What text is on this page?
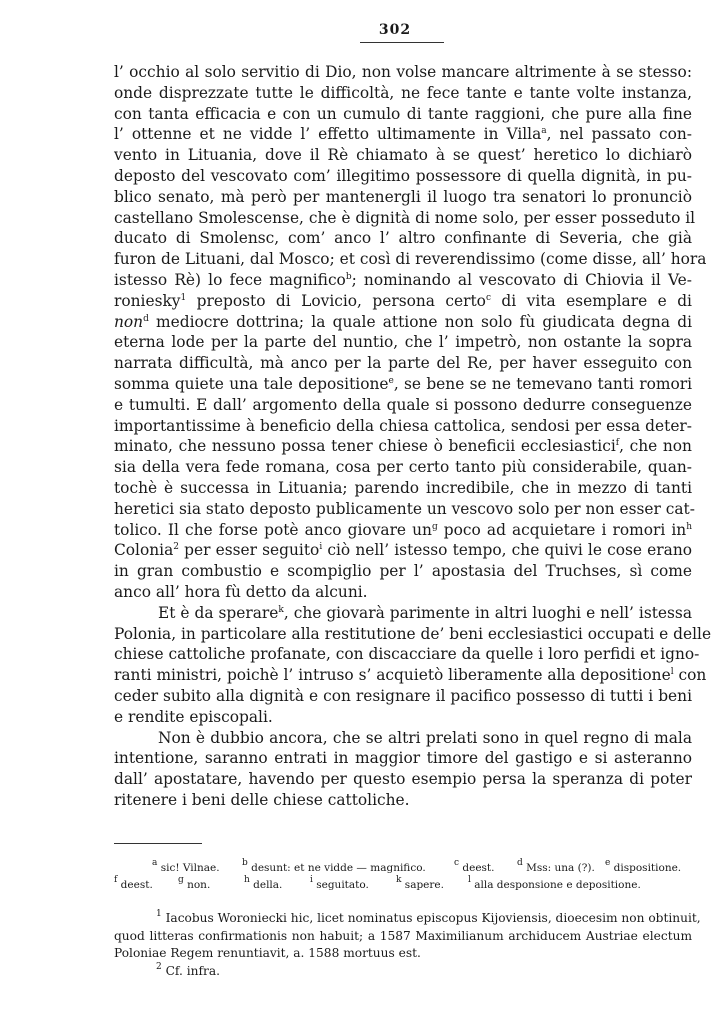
302
l’ occhio al solo servitio di Dio, non volse mancare altrimente à se stesso:
onde disprezzate tutte le difficoltà, ne fece tante e tante volte instanza,
con tanta efficacia e con un cumulo di tante raggioni, che pure alla fine
l’ ottenne et ne vidde l’ effetto ultimamente in Villa$^a$, nel passato con-
vento in Lituania, dove il Rè chiamato à se quest’ heretico lo dichiarò
deposto del vescovato com’ illegitimo possessore di quella dignità, in pu-
blico senato, mà però per mantenergli il luogo tra senatori lo pronunciò
castellano Smolescense, che è dignità di nome solo, per esser posseduto il
ducato di Smolensc, com’ anco l’ altro confinante di Severia, che già
furon de Lituani, dal Mosco; et così di reverendissimo (come disse, all’ hora
istesso Rè) lo fece magnifico$^b$; nominando al vescovato di Chiovia il Ve-
roniesky$^1$ preposto di Lovicio, persona certo$^c$ di vita esemplare e di
non$^d$ mediocre dottrina; la quale attione non solo fù giudicata degna di
eterna lode per la parte del nuntio, che l’ impetrò, non ostante la sopra
narrata difficultà, mà anco per la parte del Re, per haver esseguito con
somma quiete una tale depositione$^e$, se bene se ne temevano tanti romori
e tumulti. E dall’ argomento della quale si possono dedurre conseguenze
importantissime à beneficio della chiesa cattolica, sendosi per essa deter-
minato, che nessuno possa tener chiese ò beneficii ecclesiastici$^f$, che non
sia della vera fede romana, cosa per certo tanto più considerabile, quan-
tochè è successa in Lituania; parendo incredibile, che in mezzo di tanti
heretici sia stato deposto publicamente un vescovo solo per non esser cat-
tolico. Il che forse potè anco giovare $un^g$ poco ad acquietare i romori $in^h$
Colonia$^2$ per esser seguito$^i$ ciò nell’ istesso tempo, che quivi le cose erano
in gran combustio e scompiglio per l’ apostasia del Truchses, sì come
anco all’ hora fù detto da alcuni.
Et è da sperare$^k$, che giovarà parimente in altri luoghi e nell’ istessa
Polonia, in particolare alla restitutione de’ beni ecclesiastici occupati e delle
chiese cattoliche profanate, con discacciare da quelle i loro perfidi et igno-
ranti ministri, poichè l’ intruso s’ acquietò liberamente alla depositione$^l$ con
ceder subito alla dignità e con resignare il pacifico possesso di tutti i beni
e rendite episcopali.
Non è dubbio ancora, che se altri prelati sono in quel regno di mala
intentione, saranno entrati in maggior timore del gastigo e si asteranno
dall’ apostatare, havendo per questo esempio persa la speranza di poter
ritenere i beni delle chiese cattoliche.
$^a$ sic! Vilnae.	$^b$ desunt: et ne vidde — magnifico.	$^c$ deest.	$^d$ Mss: una (?).	$^e$ dispositione.
$^f$ deest.	$^g$ non.	$^h$ della.	$^i$ seguitato.	$^k$ sapere.	$^l$ alla desponsione e depositione.
$^1$ Iacobus Woroniecki hic, licet nominatus episcopus Kijoviensis, dioecesim non obtinuit,
quod litteras confirmationis non habuit; a 1587 Maximilianum archiducem Austriae electum
Poloniae Regem renuntiavit, a. 1588 mortuus est.
$^2$ Cf. infra.
